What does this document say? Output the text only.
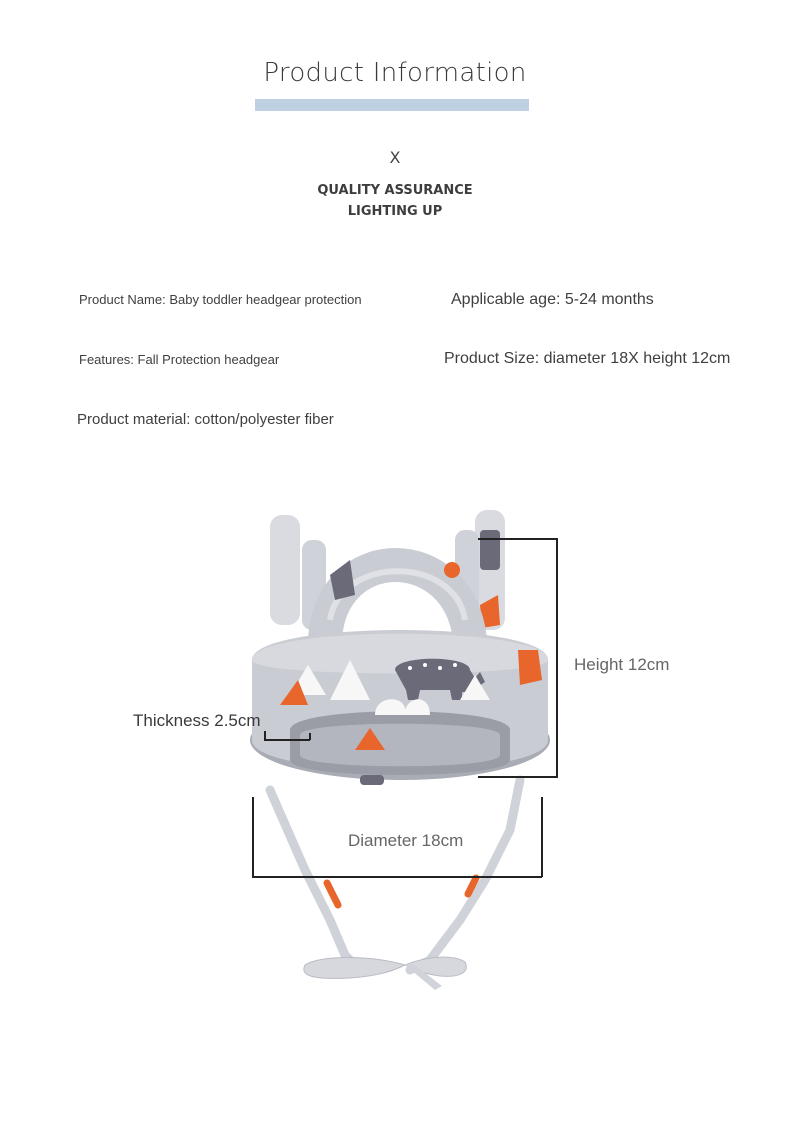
Product Information
X
QUALITY ASSURANCE
LIGHTING UP
Product Name: Baby toddler headgear protection	Applicable age: 5-24 months
Features: Fall Protection headgear	Product Size: diameter 18X height 12cm
Product material: cotton/polyester fiber
Height 12cm
Thickness 2.5cm
Diameter 18cm
